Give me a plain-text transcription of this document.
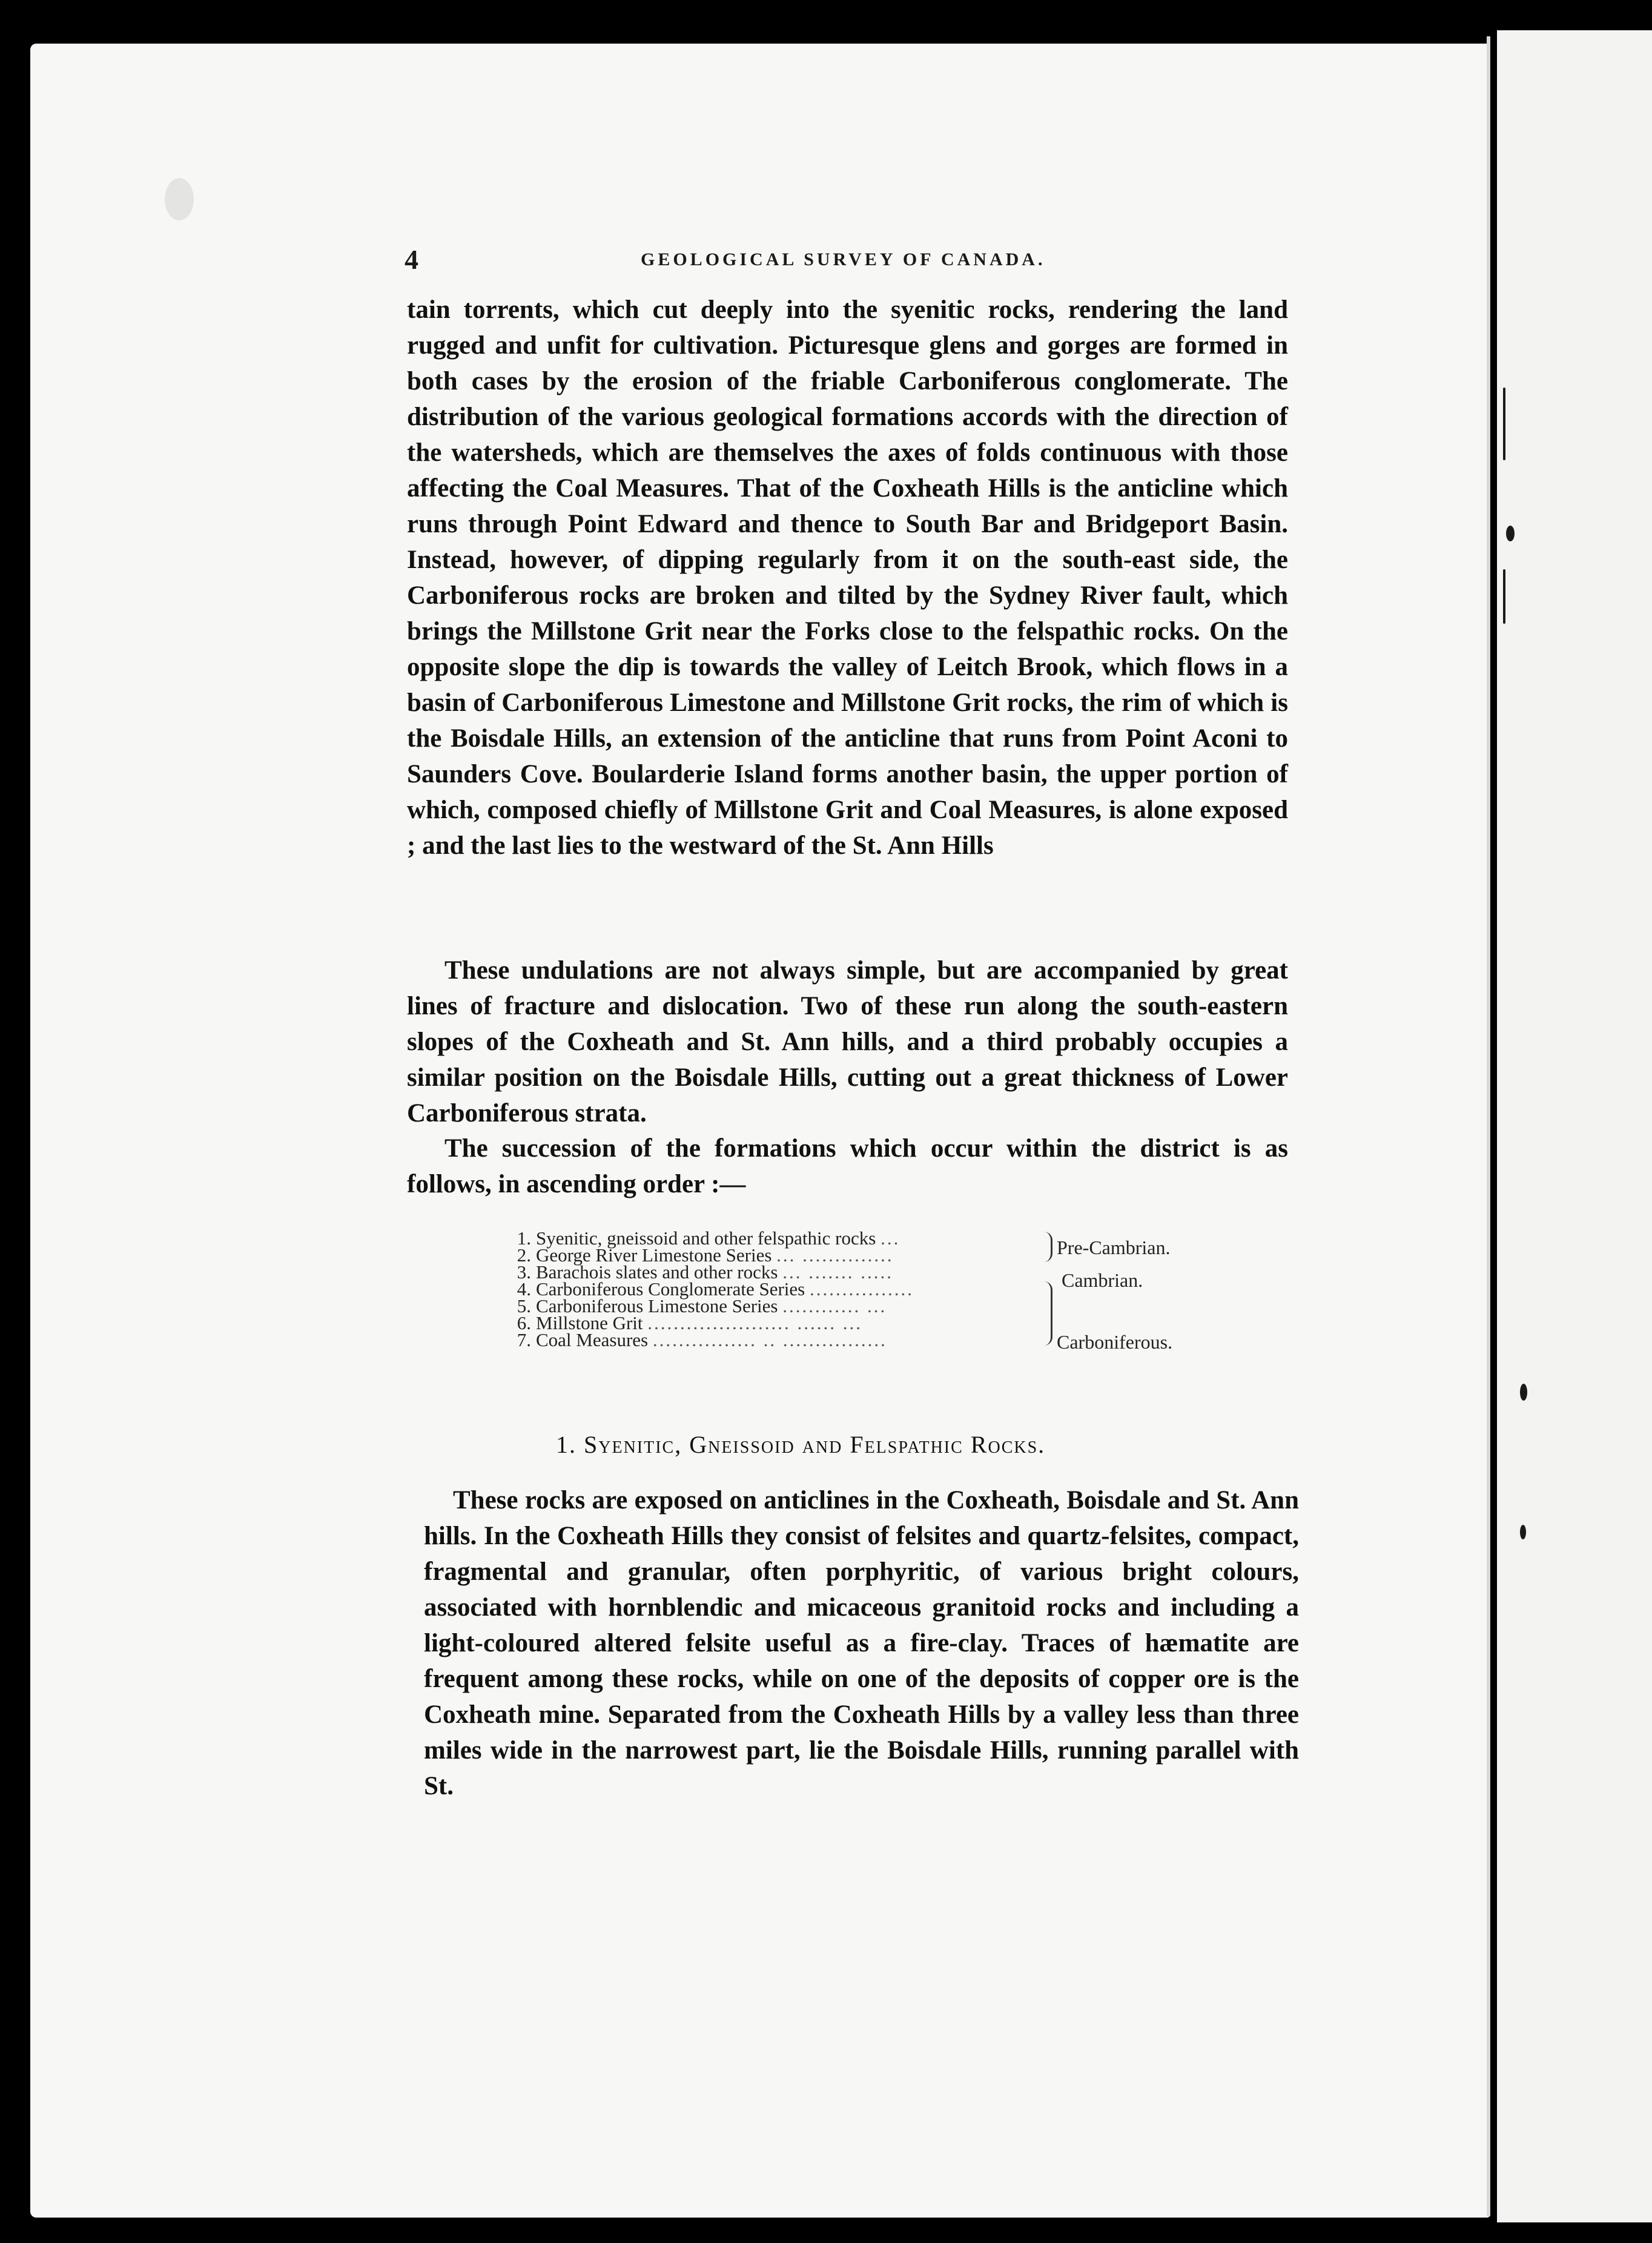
4	GEOLOGICAL SURVEY OF CANADA.
tain torrents, which cut deeply into the syenitic rocks, rendering the land rugged and unfit for cultivation. Picturesque glens and gorges are formed in both cases by the erosion of the friable Carboniferous conglomerate. The distribution of the various geological formations accords with the direction of the watersheds, which are themselves the axes of folds continuous with those affecting the Coal Measures. That of the Coxheath Hills is the anticline which runs through Point Edward and thence to South Bar and Bridgeport Basin. Instead, however, of dipping regularly from it on the south-east side, the Carboniferous rocks are broken and tilted by the Sydney River fault, which brings the Millstone Grit near the Forks close to the felspathic rocks. On the opposite slope the dip is towards the valley of Leitch Brook, which flows in a basin of Carboniferous Limestone and Millstone Grit rocks, the rim of which is the Boisdale Hills, an extension of the anticline that runs from Point Aconi to Saunders Cove. Boularderie Island forms another basin, the upper portion of which, composed chiefly of Millstone Grit and Coal Measures, is alone exposed ; and the last lies to the westward of the St. Ann Hills
These undulations are not always simple, but are accompanied by great lines of fracture and dislocation. Two of these run along the south-eastern slopes of the Coxheath and St. Ann hills, and a third probably occupies a similar position on the Boisdale Hills, cutting out a great thickness of Lower Carboniferous strata.
The succession of the formations which occur within the district is as follows, in ascending order :—
1. Syenitic, gneissoid and other felspathic rocks ...
2. George River Limestone Series ... ..............
3. Barachois slates and other rocks ... ....... .....
4. Carboniferous Conglomerate Series ................
5. Carboniferous Limestone Series ............ ...
6. Millstone Grit ...................... ...... ...
7. Coal Measures ................ .. ................
Pre-Cambrian.
Cambrian.
Carboniferous.
1. Syenitic, Gneissoid and Felspathic Rocks.
These rocks are exposed on anticlines in the Coxheath, Boisdale and St. Ann hills. In the Coxheath Hills they consist of felsites and quartz-felsites, compact, fragmental and granular, often porphyritic, of various bright colours, associated with hornblendic and micaceous granitoid rocks and including a light-coloured altered felsite useful as a fire-clay. Traces of hæmatite are frequent among these rocks, while on one of the deposits of copper ore is the Coxheath mine. Separated from the Coxheath Hills by a valley less than three miles wide in the narrowest part, lie the Boisdale Hills, running parallel with St.
